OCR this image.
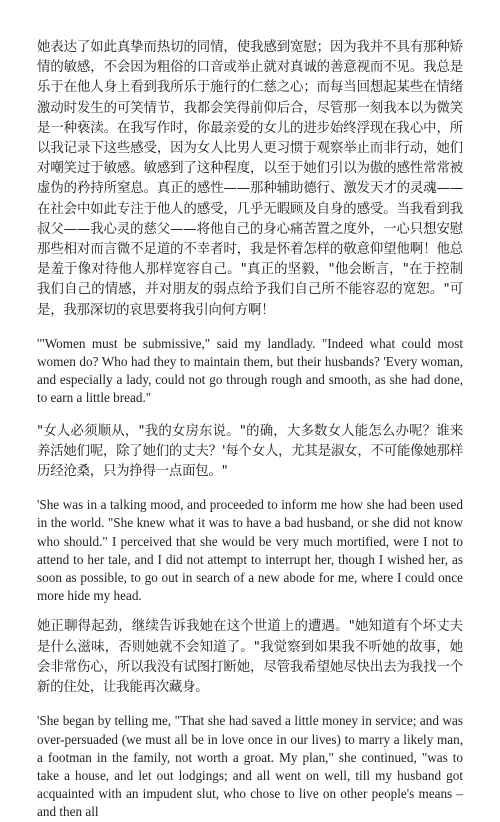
她表达了如此真挚而热切的同情，使我感到宽慰；因为我并不具有那种矫情的敏感，不会因为粗俗的口音或举止就对真诚的善意视而不见。我总是乐于在他人身上看到我所乐于施行的仁慈之心；而每当回想起某些在情绪激动时发生的可笑情节，我都会笑得前仰后合，尽管那一刻我本以为微笑是一种亵渎。在我写作时，你最亲爱的女儿的进步始终浮现在我心中，所以我记录下这些感受，因为女人比男人更习惯于观察举止而非行动，她们对嘲笑过于敏感。敏感到了这种程度，以至于她们引以为傲的感性常常被虚伪的矜持所窒息。真正的感性——那种辅助德行、激发天才的灵魂——在社会中如此专注于他人的感受，几乎无暇顾及自身的感受。当我看到我叔父——我心灵的慈父——将他自己的身心痛苦置之度外，一心只想安慰那些相对而言微不足道的不幸者时，我是怀着怎样的敬意仰望他啊！他总是羞于像对待他人那样宽容自己。"真正的坚毅，"他会断言，"在于控制我们自己的情感，并对朋友的弱点给予我们自己所不能容忍的宽恕。"可是，我那深切的哀思要将我引向何方啊！

'"Women must be submissive," said my landlady. "Indeed what could most women do? Who had they to maintain them, but their husbands? 'Every woman, and especially a lady, could not go through rough and smooth, as she had done, to earn a little bread."

"女人必须顺从，"我的女房东说。"的确，大多数女人能怎么办呢？谁来养活她们呢，除了她们的丈夫？'每个女人，尤其是淑女，不可能像她那样历经沧桑，只为挣得一点面包。"

'She was in a talking mood, and proceeded to inform me how she had been used in the world. "She knew what it was to have a bad husband, or she did not know who should." I perceived that she would be very much mortified, were I not to attend to her tale, and I did not attempt to interrupt her, though I wished her, as soon as possible, to go out in search of a new abode for me, where I could once more hide my head.

她正聊得起劲，继续告诉我她在这个世道上的遭遇。"她知道有个坏丈夫是什么滋味，否则她就不会知道了。"我觉察到如果我不听她的故事，她会非常伤心，所以我没有试图打断她，尽管我希望她尽快出去为我找一个新的住处，让我能再次藏身。

'She began by telling me, "That she had saved a little money in service; and was over-persuaded (we must all be in love once in our lives) to marry a likely man, a footman in the family, not worth a groat. My plan," she continued, "was to take a house, and let out lodgings; and all went on well, till my husband got acquainted with an impudent slut, who chose to live on other people's means – and then all
